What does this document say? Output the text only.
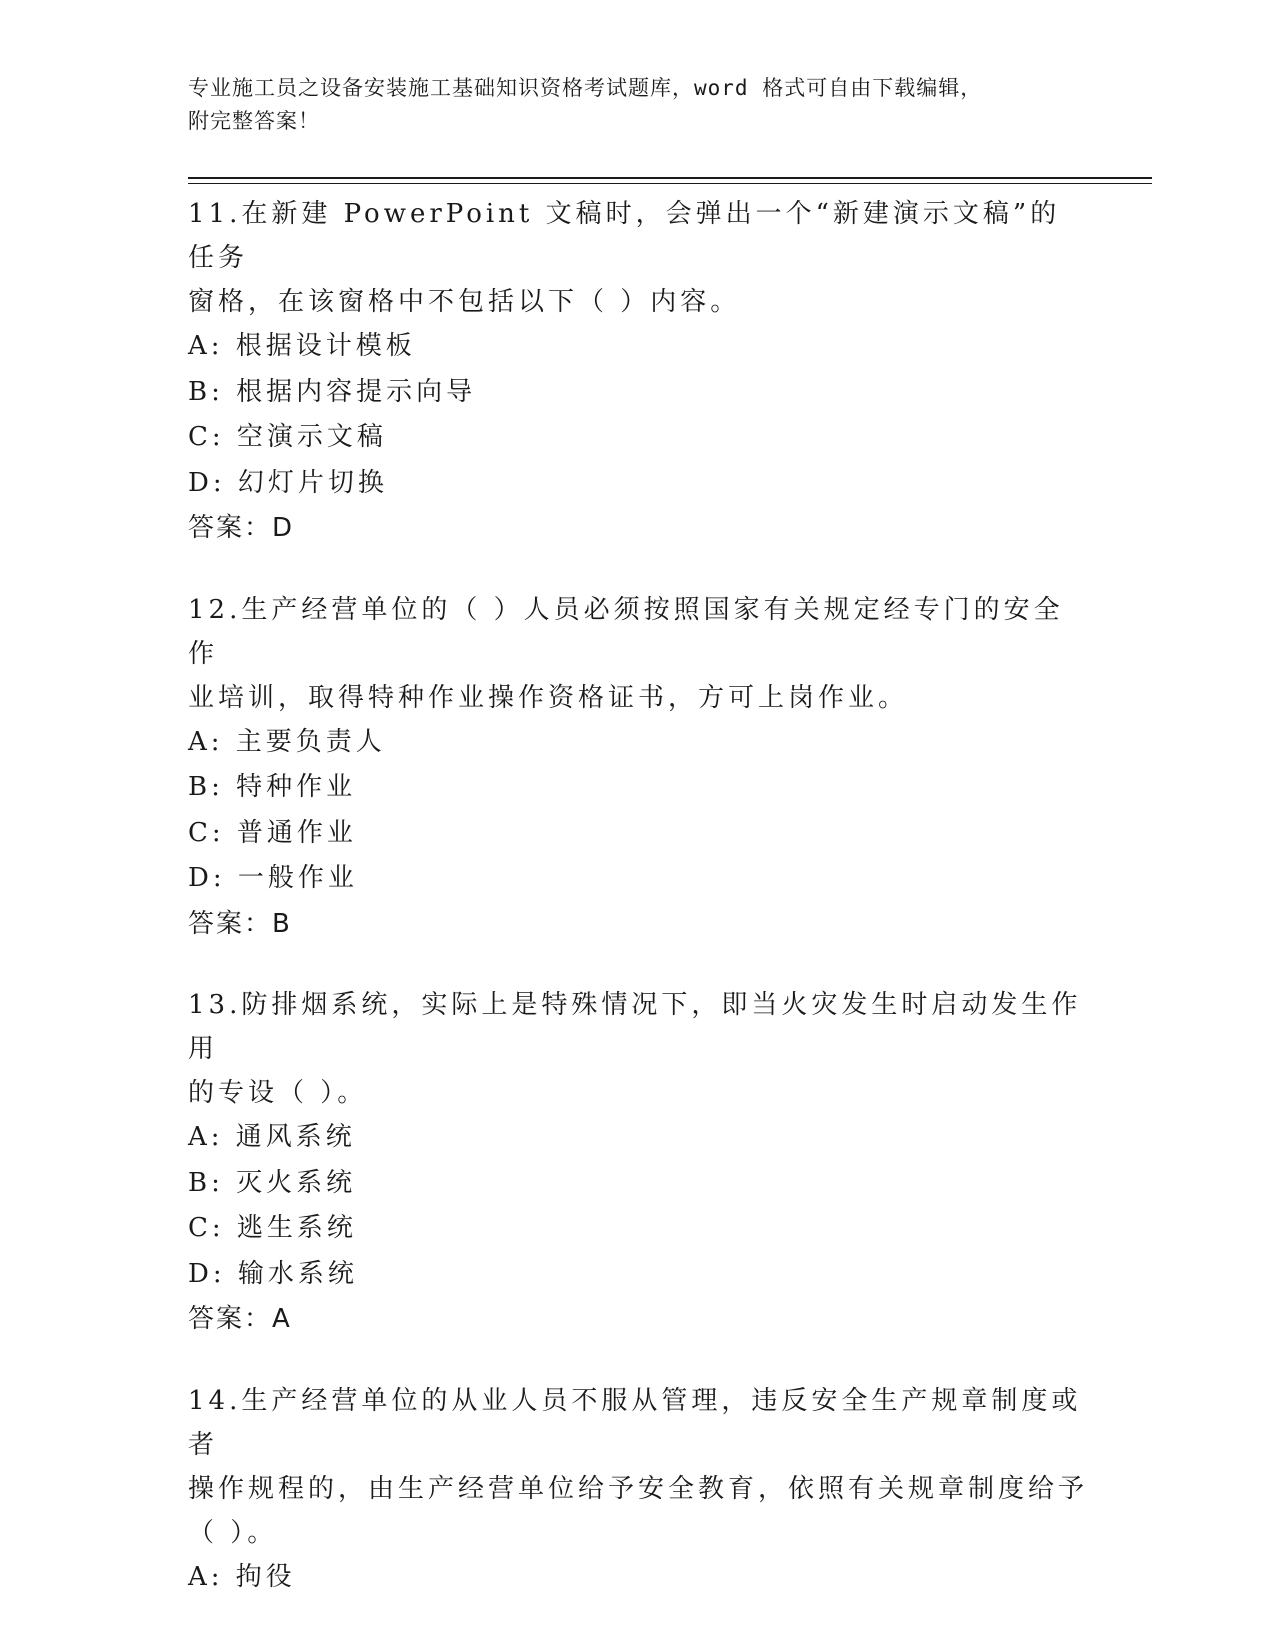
专业施工员之设备安装施工基础知识资格考试题库，word 格式可自由下载编辑，
附完整答案！

11.在新建 PowerPoint 文稿时，会弹出一个“新建演示文稿”的任务

窗格，在该窗格中不包括以下（ ）内容。

A: 根据设计模板

B: 根据内容提示向导

C: 空演示文稿

D: 幻灯片切换

答案：D

12.生产经营单位的（ ）人员必须按照国家有关规定经专门的安全作

业培训，取得特种作业操作资格证书，方可上岗作业。

A: 主要负责人

B: 特种作业

C: 普通作业

D: 一般作业

答案：B

13.防排烟系统，实际上是特殊情况下，即当火灾发生时启动发生作用

的专设（ ）。

A: 通风系统

B: 灭火系统

C: 逃生系统

D: 输水系统

答案：A

14.生产经营单位的从业人员不服从管理，违反安全生产规章制度或者

操作规程的，由生产经营单位给予安全教育，依照有关规章制度给予

（ ）。

A: 拘役
